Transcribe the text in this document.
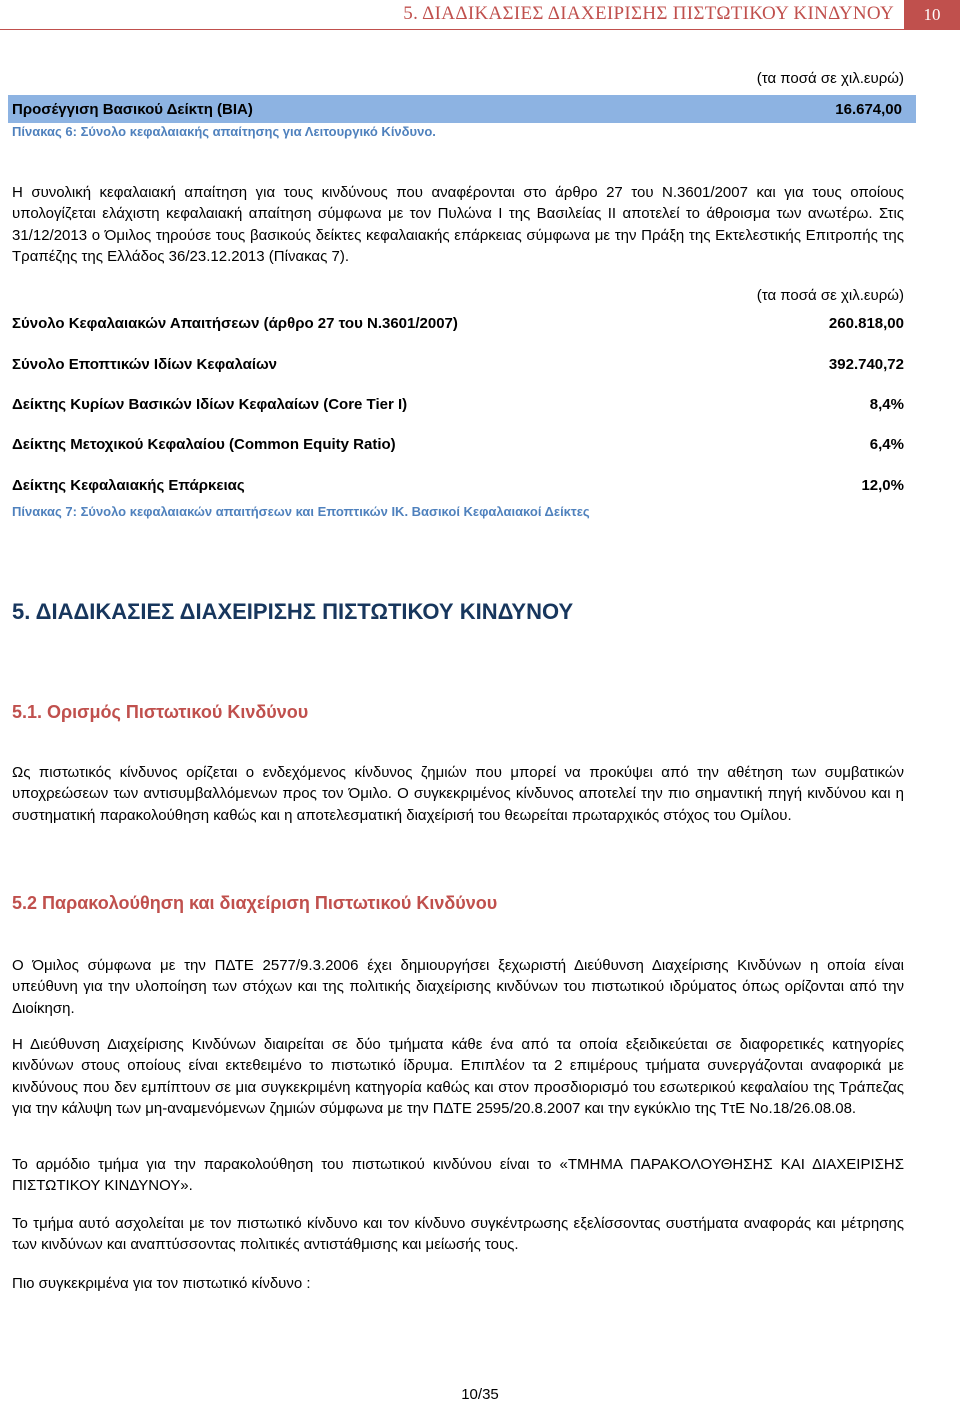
5. ΔΙΑΔΙΚΑΣΙΕΣ ΔΙΑΧΕΙΡΙΣΗΣ ΠΙΣΤΩΤΙΚΟΥ ΚΙΝΔΥΝΟΥ	10
(τα ποσά σε χιλ.ευρώ)
Προσέγγιση Βασικού Δείκτη (ΒΙΑ)	16.674,00
Πίνακας 6: Σύνολο κεφαλαιακής απαίτησης για Λειτουργικό Κίνδυνο.

Η συνολική κεφαλαιακή απαίτηση για τους κινδύνους που αναφέρονται στο άρθρο 27 του Ν.3601/2007 και για τους οποίους υπολογίζεται ελάχιστη κεφαλαιακή απαίτηση σύμφωνα με τον Πυλώνα Ι της Βασιλείας ΙΙ αποτελεί το άθροισμα των ανωτέρω. Στις 31/12/2013 ο Όμιλος τηρούσε τους βασικούς δείκτες κεφαλαιακής επάρκειας σύμφωνα με την Πράξη της Εκτελεστικής Επιτροπής της Τραπέζης της Ελλάδος 36/23.12.2013 (Πίνακας 7).

(τα ποσά σε χιλ.ευρώ)
Σύνολο Κεφαλαιακών Απαιτήσεων (άρθρο 27 του Ν.3601/2007)	260.818,00
Σύνολο Εποπτικών Ιδίων Κεφαλαίων	392.740,72
Δείκτης Κυρίων Βασικών Ιδίων Κεφαλαίων (Core Tier I)	8,4%
Δείκτης Μετοχικού Κεφαλαίου (Common Equity Ratio)	6,4%
Δείκτης Κεφαλαιακής Επάρκειας	12,0%
Πίνακας 7: Σύνολο κεφαλαιακών απαιτήσεων και Εποπτικών ΙΚ. Βασικοί Κεφαλαιακοί Δείκτες
5. ΔΙΑΔΙΚΑΣΙΕΣ ΔΙΑΧΕΙΡΙΣΗΣ ΠΙΣΤΩΤΙΚΟΥ ΚΙΝΔΥΝΟΥ
5.1. Ορισμός Πιστωτικού Κινδύνου

Ως πιστωτικός κίνδυνος ορίζεται ο ενδεχόμενος κίνδυνος ζημιών που μπορεί να προκύψει από την αθέτηση των συμβατικών υποχρεώσεων των αντισυμβαλλόμενων προς τον Όμιλο. Ο συγκεκριμένος κίνδυνος αποτελεί την πιο σημαντική πηγή κινδύνου και η συστηματική παρακολούθηση καθώς και η αποτελεσματική διαχείρισή του θεωρείται πρωταρχικός στόχος του Ομίλου.

5.2 Παρακολούθηση και διαχείριση Πιστωτικού Κινδύνου

Ο Όμιλος σύμφωνα με την ΠΔΤΕ 2577/9.3.2006 έχει δημιουργήσει ξεχωριστή Διεύθυνση Διαχείρισης Κινδύνων η οποία είναι υπεύθυνη για την υλοποίηση των στόχων και της πολιτικής διαχείρισης κινδύνων του πιστωτικού ιδρύματος όπως ορίζονται από την Διοίκηση.

Η Διεύθυνση Διαχείρισης Κινδύνων διαιρείται σε δύο τμήματα κάθε ένα από τα οποία εξειδικεύεται σε διαφορετικές κατηγορίες κινδύνων στους οποίους είναι εκτεθειμένο το πιστωτικό ίδρυμα. Επιπλέον τα 2 επιμέρους τμήματα συνεργάζονται αναφορικά με κινδύνους που δεν εμπίπτουν σε μια συγκεκριμένη κατηγορία καθώς και στον προσδιορισμό του εσωτερικού κεφαλαίου της Τράπεζας για την κάλυψη των μη-αναμενόμενων ζημιών σύμφωνα με την ΠΔΤΕ 2595/20.8.2007 και την εγκύκλιο της ΤτΕ No.18/26.08.08.

Το αρμόδιο τμήμα για την παρακολούθηση του πιστωτικού κινδύνου είναι το «ΤΜΗΜΑ ΠΑΡΑΚΟΛΟΥΘΗΣΗΣ ΚΑΙ ΔΙΑΧΕΙΡΙΣΗΣ ΠΙΣΤΩΤΙΚΟΥ ΚΙΝΔΥΝΟΥ».

Το τμήμα αυτό ασχολείται με τον πιστωτικό κίνδυνο και τον κίνδυνο συγκέντρωσης εξελίσσοντας συστήματα αναφοράς και μέτρησης των κινδύνων και αναπτύσσοντας πολιτικές αντιστάθμισης και μείωσής τους.

Πιο συγκεκριμένα για τον πιστωτικό κίνδυνο :

10/35
